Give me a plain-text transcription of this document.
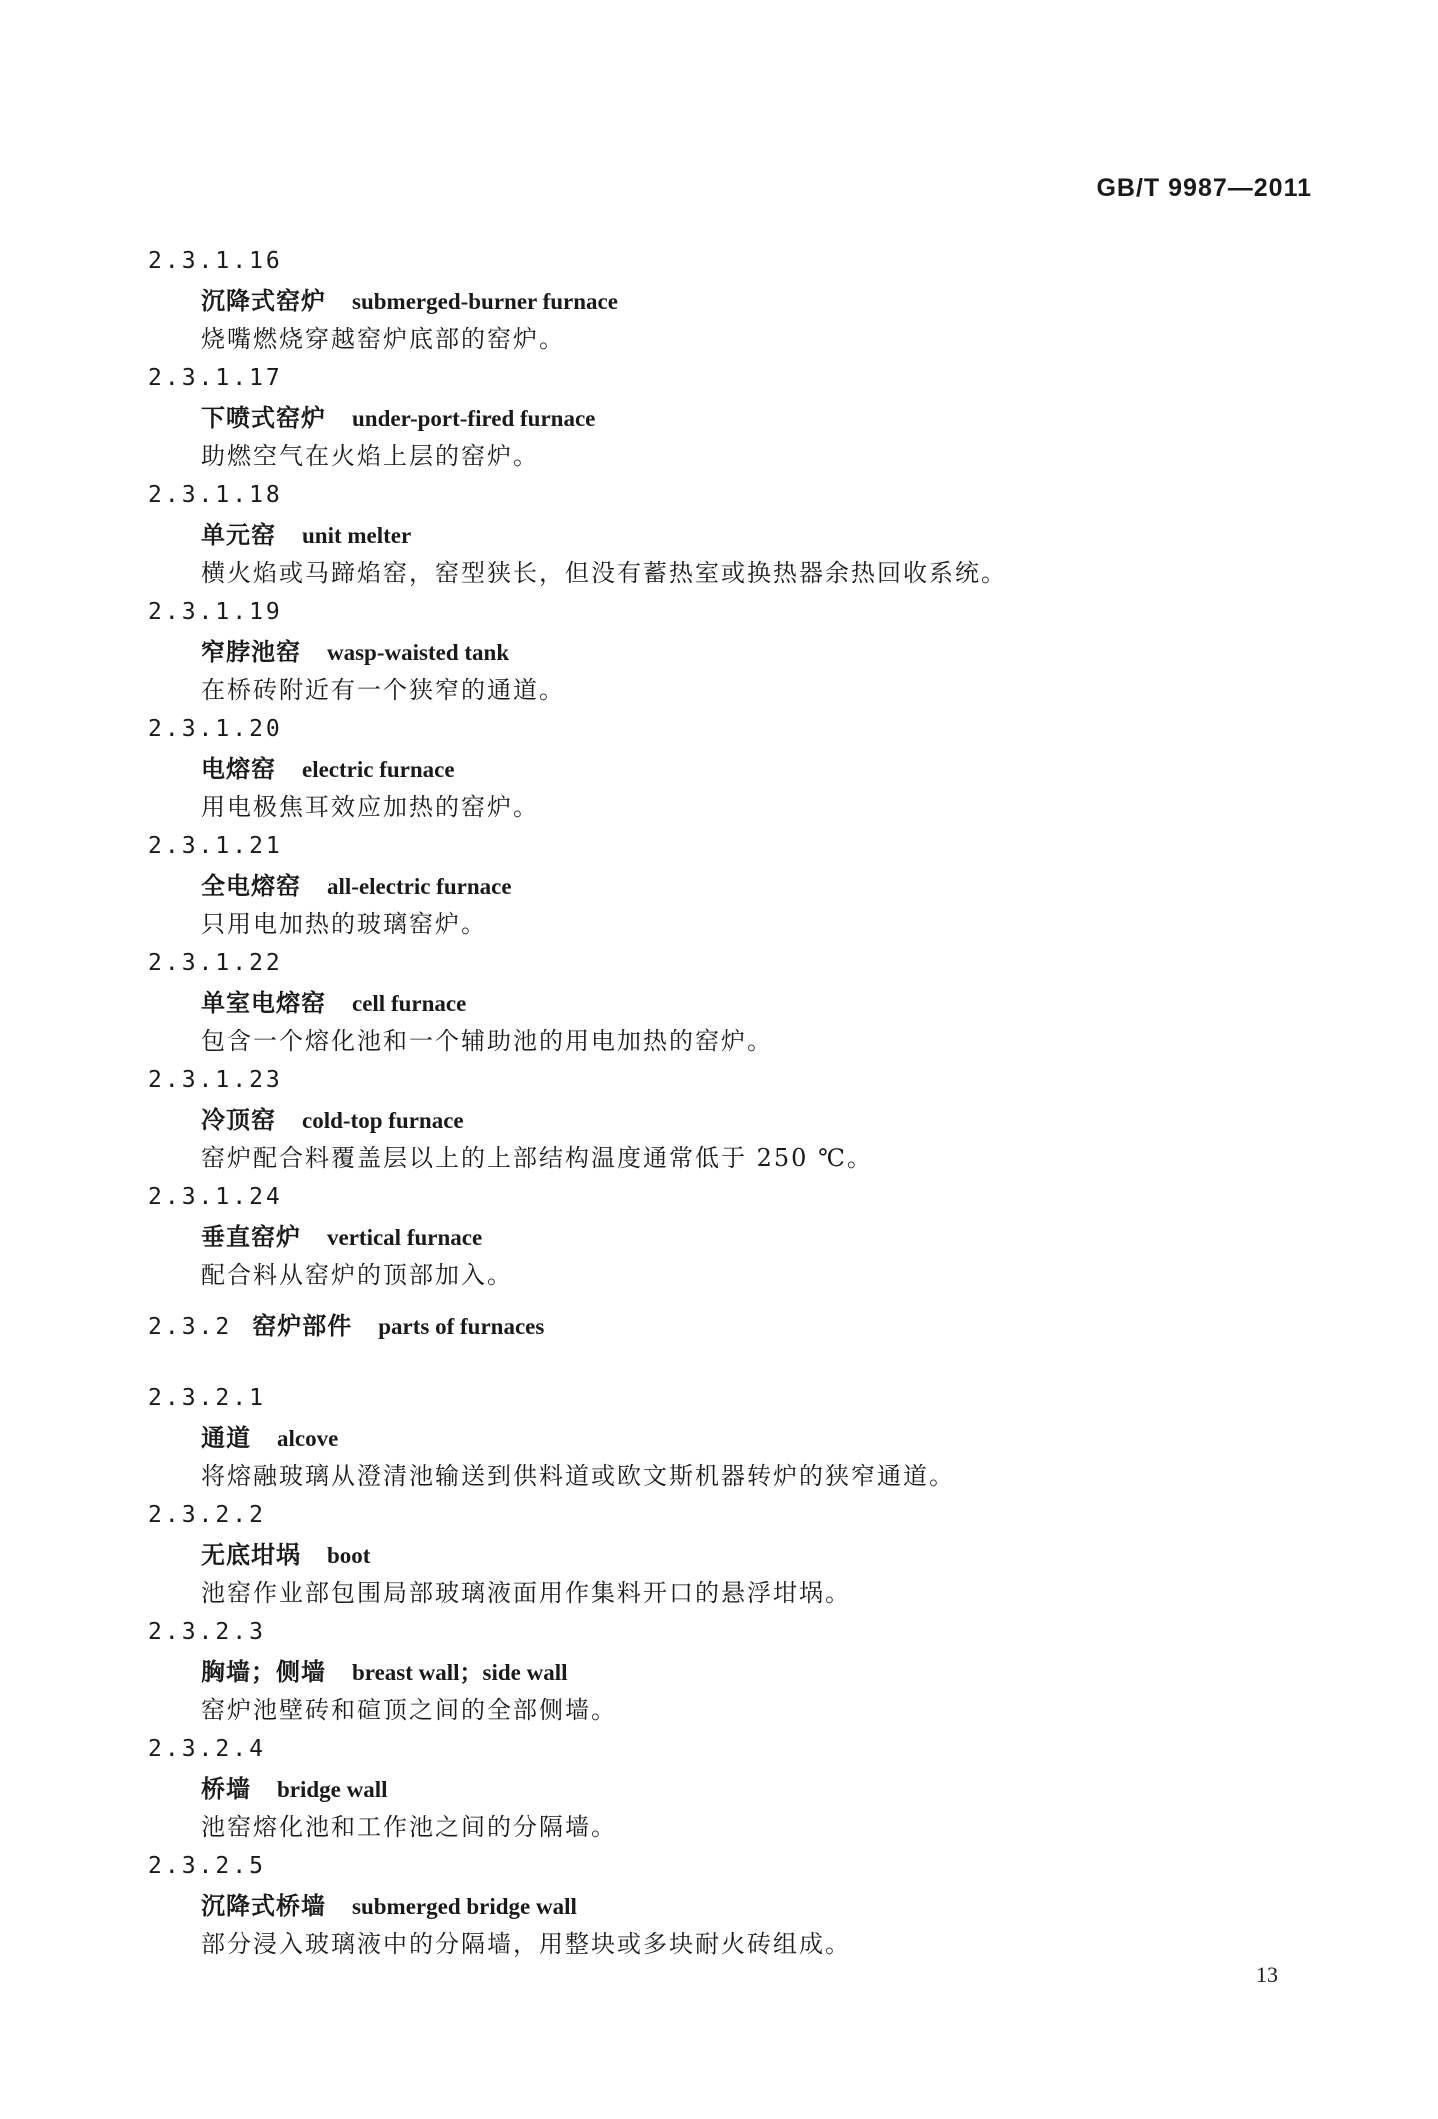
GB/T 9987—2011
2.3.1.16
沉降式窑炉 submerged-burner furnace
烧嘴燃烧穿越窑炉底部的窑炉。
2.3.1.17
下喷式窑炉 under-port-fired furnace
助燃空气在火焰上层的窑炉。
2.3.1.18
单元窑 unit melter
横火焰或马蹄焰窑，窑型狭长，但没有蓄热室或换热器余热回收系统。
2.3.1.19
窄脖池窑 wasp-waisted tank
在桥砖附近有一个狭窄的通道。
2.3.1.20
电熔窑 electric furnace
用电极焦耳效应加热的窑炉。
2.3.1.21
全电熔窑 all-electric furnace
只用电加热的玻璃窑炉。
2.3.1.22
单室电熔窑 cell furnace
包含一个熔化池和一个辅助池的用电加热的窑炉。
2.3.1.23
冷顶窑 cold-top furnace
窑炉配合料覆盖层以上的上部结构温度通常低于 250 ℃。
2.3.1.24
垂直窑炉 vertical furnace
配合料从窑炉的顶部加入。
2.3.2 窑炉部件 parts of furnaces
2.3.2.1
通道 alcove
将熔融玻璃从澄清池输送到供料道或欧文斯机器转炉的狭窄通道。
2.3.2.2
无底坩埚 boot
池窑作业部包围局部玻璃液面用作集料开口的悬浮坩埚。
2.3.2.3
胸墙；侧墙 breast wall；side wall
窑炉池壁砖和碹顶之间的全部侧墙。
2.3.2.4
桥墙 bridge wall
池窑熔化池和工作池之间的分隔墙。
2.3.2.5
沉降式桥墙 submerged bridge wall
部分浸入玻璃液中的分隔墙，用整块或多块耐火砖组成。
13
